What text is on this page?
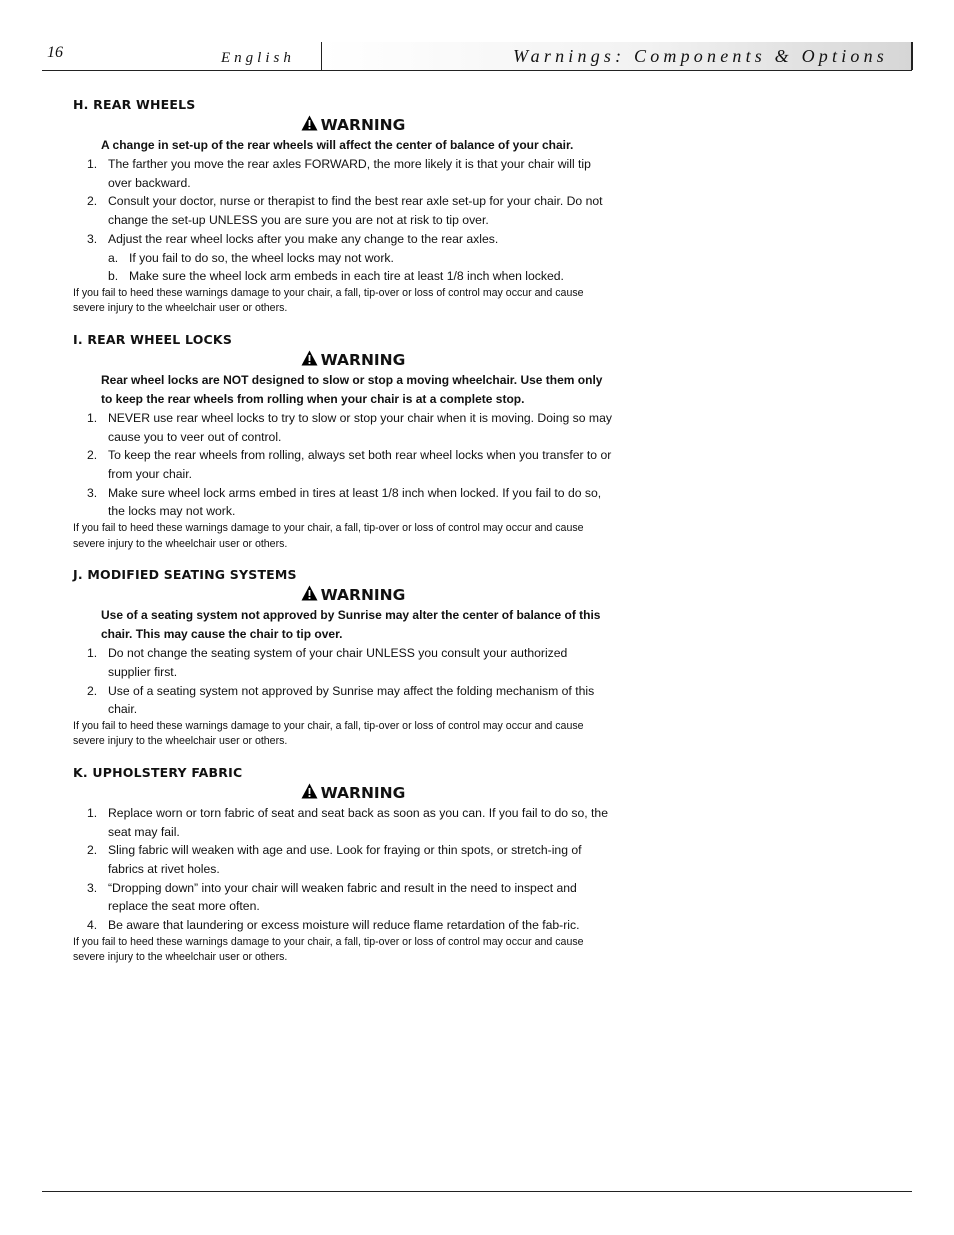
16	English	Warnings: Components & Options
H. REAR WHEELS
WARNING

A change in set-up of the rear wheels will affect the center of balance of your chair.

1. The farther you move the rear axles FORWARD, the more likely it is that your chair will tip over backward.
2. Consult your doctor, nurse or therapist to find the best rear axle set-up for your chair. Do not change the set-up UNLESS you are sure you are not at risk to tip over.
3. Adjust the rear wheel locks after you make any change to the rear axles.
a. If you fail to do so, the wheel locks may not work.
b. Make sure the wheel lock arm embeds in each tire at least 1/8 inch when locked.

If you fail to heed these warnings damage to your chair, a fall, tip-over or loss of control may occur and cause severe injury to the wheelchair user or others.

I. REAR WHEEL LOCKS
WARNING

Rear wheel locks are NOT designed to slow or stop a moving wheelchair. Use them only to keep the rear wheels from rolling when your chair is at a complete stop.

1. NEVER use rear wheel locks to try to slow or stop your chair when it is moving. Doing so may cause you to veer out of control.
2. To keep the rear wheels from rolling, always set both rear wheel locks when you transfer to or from your chair.
3. Make sure wheel lock arms embed in tires at least 1/8 inch when locked. If you fail to do so, the locks may not work.

If you fail to heed these warnings damage to your chair, a fall, tip-over or loss of control may occur and cause severe injury to the wheelchair user or others.

J. MODIFIED SEATING SYSTEMS
WARNING

Use of a seating system not approved by Sunrise may alter the center of balance of this chair. This may cause the chair to tip over.

1. Do not change the seating system of your chair UNLESS you consult your authorized supplier first.
2. Use of a seating system not approved by Sunrise may affect the folding mechanism of this chair.

If you fail to heed these warnings damage to your chair, a fall, tip-over or loss of control may occur and cause severe injury to the wheelchair user or others.

K. UPHOLSTERY FABRIC
WARNING
1. Replace worn or torn fabric of seat and seat back as soon as you can. If you fail to do so, the seat may fail.
2. Sling fabric will weaken with age and use. Look for fraying or thin spots, or stretch-ing of fabrics at rivet holes.
3. “Dropping down” into your chair will weaken fabric and result in the need to inspect and replace the seat more often.
4. Be aware that laundering or excess moisture will reduce flame retardation of the fab-ric.

If you fail to heed these warnings damage to your chair, a fall, tip-over or loss of control may occur and cause severe injury to the wheelchair user or others.
